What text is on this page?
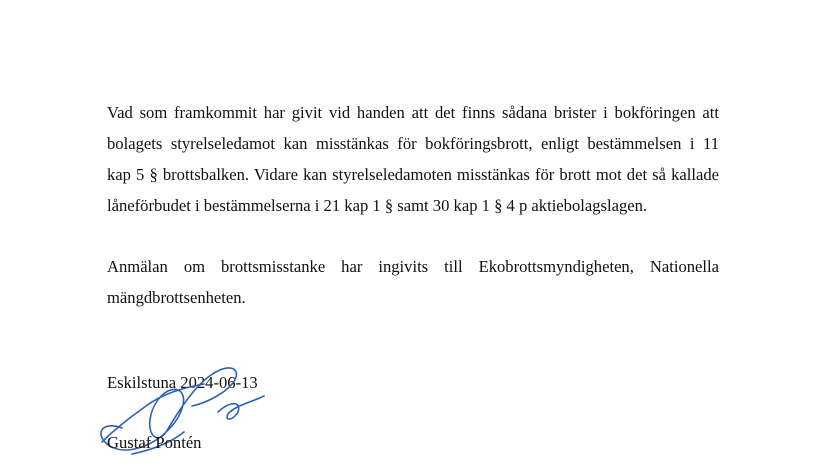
Vad som framkommit har givit vid handen att det finns sådana brister i bokföringen att
bolagets styrelseledamot kan misstänkas för bokföringsbrott, enligt bestämmelsen i 11
kap 5 § brottsbalken. Vidare kan styrelseledamoten misstänkas för brott mot det så kallade
låneförbudet i bestämmelserna i 21 kap 1 § samt 30 kap 1 § 4 p aktiebolagslagen.

Anmälan om brottsmisstanke har ingivits till Ekobrottsmyndigheten, Nationella
mängdbrottsenheten.

Eskilstuna 2024-06-13

Gustaf Pontén
